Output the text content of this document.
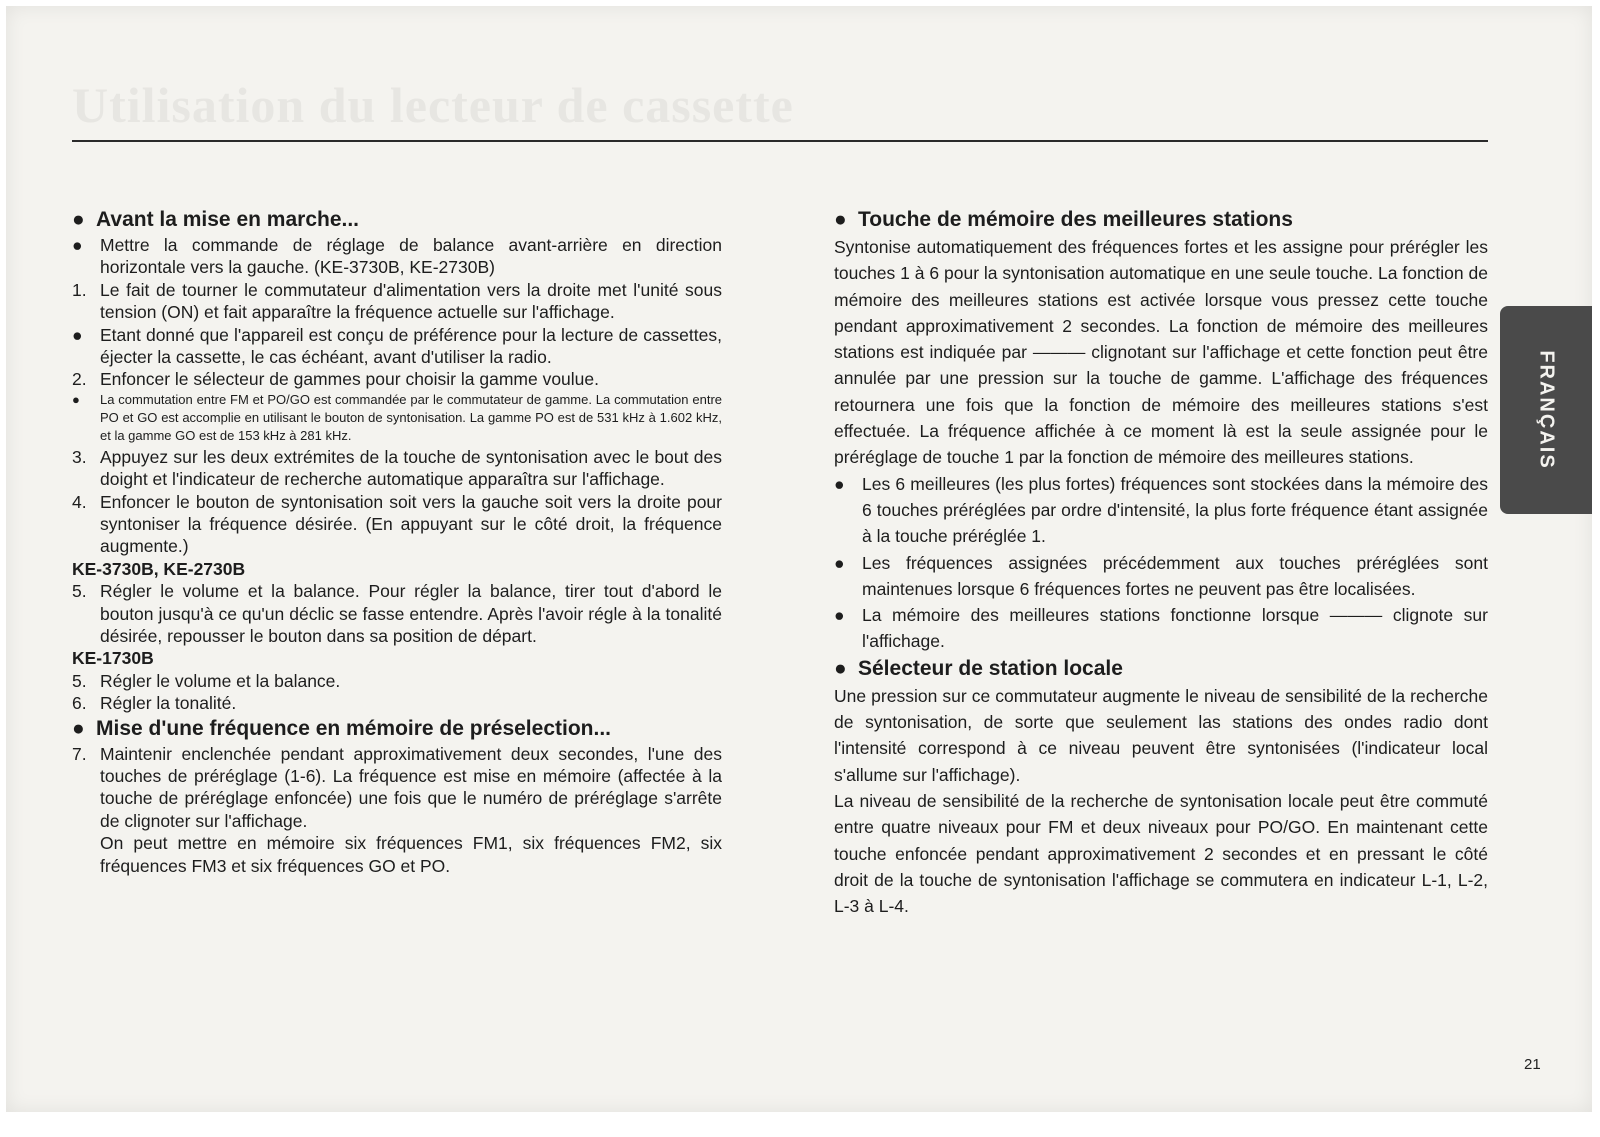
Utilisation du lecteur de cassette
● Avant la mise en marche...
● Mettre la commande de réglage de balance avant-arrière en direction horizontale vers la gauche. (KE-3730B, KE-2730B)
1. Le fait de tourner le commutateur d'alimentation vers la droite met l'unité sous tension (ON) et fait apparaître la fréquence actuelle sur l'affichage.
● Etant donné que l'appareil est conçu de préférence pour la lecture de cassettes, éjecter la cassette, le cas échéant, avant d'utiliser la radio.
2. Enfoncer le sélecteur de gammes pour choisir la gamme voulue.
●	La commutation entre FM et PO/GO est commandée par le commutateur de gamme. La commutation entre PO et GO est accomplie en utilisant le bouton de syntonisation. La gamme PO est de 531 kHz à 1.602 kHz, et la gamme GO est de 153 kHz à 281 kHz.
3. Appuyez sur les deux extrémites de la touche de syntonisation avec le bout des doight et l'indicateur de recherche automatique apparaîtra sur l'affichage.
4. Enfoncer le bouton de syntonisation soit vers la gauche soit vers la droite pour syntoniser la fréquence désirée. (En appuyant sur le côté droit, la fréquence augmente.)
KE-3730B, KE-2730B
5. Régler le volume et la balance. Pour régler la balance, tirer tout d'abord le bouton jusqu'à ce qu'un déclic se fasse entendre. Après l'avoir régle à la tonalité désirée, repousser le bouton dans sa position de départ.
KE-1730B
5. Régler le volume et la balance.
6. Régler la tonalité.
● Mise d'une fréquence en mémoire de préselection...
7. Maintenir enclenchée pendant approximativement deux secondes, l'une des touches de préréglage (1-6). La fréquence est mise en mémoire (affectée à la touche de préréglage enfoncée) une fois que le numéro de préréglage s'arrête de clignoter sur l'affichage.
On peut mettre en mémoire six fréquences FM1, six fréquences FM2, six fréquences FM3 et six fréquences GO et PO.
● Touche de mémoire des meilleures stations
Syntonise automatiquement des fréquences fortes et les assigne pour prérégler les touches 1 à 6 pour la syntonisation automatique en une seule touche. La fonction de mémoire des meilleures stations est activée lorsque vous pressez cette touche pendant approximativement 2 secondes. La fonction de mémoire des meilleures stations est indiquée par ——— clignotant sur l'affichage et cette fonction peut être annulée par une pression sur la touche de gamme. L'affichage des fréquences retournera une fois que la fonction de mémoire des meilleures stations s'est effectuée. La fréquence affichée à ce moment là est la seule assignée pour le préréglage de touche 1 par la fonction de mémoire des meilleures stations.
● Les 6 meilleures (les plus fortes) fréquences sont stockées dans la mémoire des 6 touches préréglées par ordre d'intensité, la plus forte fréquence étant assignée à la touche préréglée 1.
● Les fréquences assignées précédemment aux touches préréglées sont maintenues lorsque 6 fréquences fortes ne peuvent pas être localisées.
● La mémoire des meilleures stations fonctionne lorsque ——— clignote sur l'affichage.
● Sélecteur de station locale
Une pression sur ce commutateur augmente le niveau de sensibilité de la recherche de syntonisation, de sorte que seulement las stations des ondes radio dont l'intensité correspond à ce niveau peuvent être syntonisées (l'indicateur local s'allume sur l'affichage).
La niveau de sensibilité de la recherche de syntonisation locale peut être commuté entre quatre niveaux pour FM et deux niveaux pour PO/GO. En maintenant cette touche enfoncée pendant approximativement 2 secondes et en pressant le côté droit de la touche de syntonisation l'affichage se commutera en indicateur L-1, L-2, L-3 à L-4.
FRANÇAIS
21
